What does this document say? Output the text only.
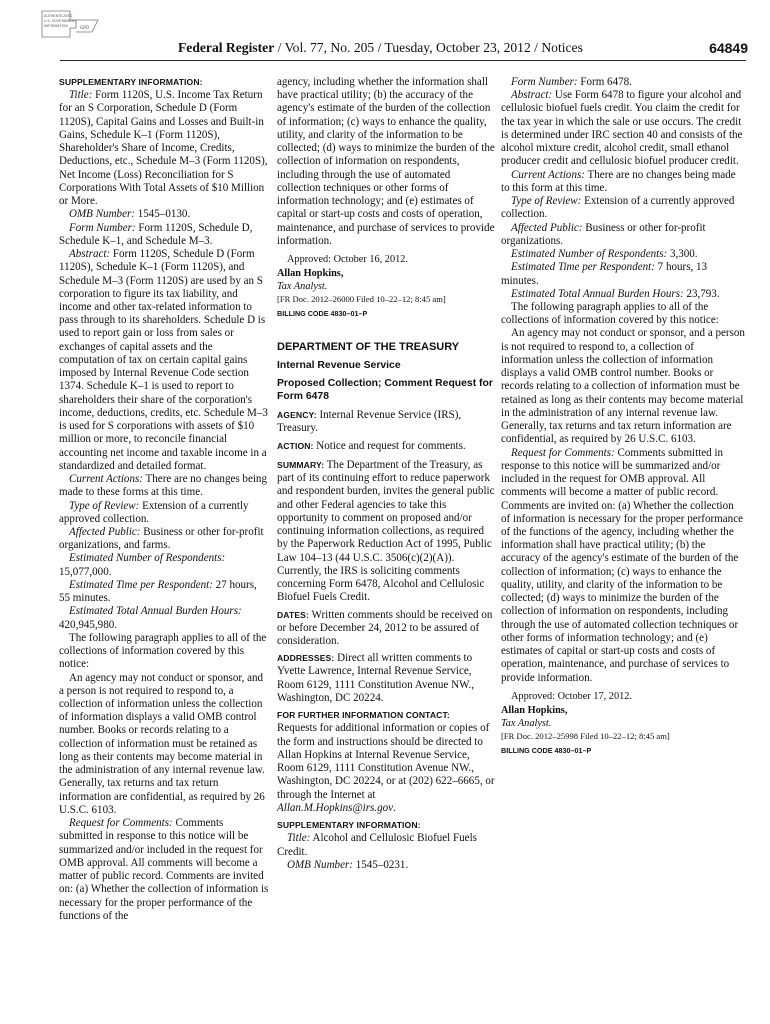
AUTHENTICATED
U.S. GOVERNMENT
INFORMATION	GPO
Federal Register / Vol. 77, No. 205 / Tuesday, October 23, 2012 / Notices	64849

SUPPLEMENTARY INFORMATION:

Title: Form 1120S, U.S. Income Tax Return for an S Corporation, Schedule D (Form 1120S), Capital Gains and Losses and Built-in Gains, Schedule K–1 (Form 1120S), Shareholder's Share of Income, Credits, Deductions, etc., Schedule M–3 (Form 1120S), Net Income (Loss) Reconciliation for S Corporations With Total Assets of $10 Million or More.

OMB Number: 1545–0130.

Form Number: Form 1120S, Schedule D, Schedule K–1, and Schedule M–3.

Abstract: Form 1120S, Schedule D (Form 1120S), Schedule K–1 (Form 1120S), and Schedule M–3 (Form 1120S) are used by an S corporation to figure its tax liability, and income and other tax-related information to pass through to its shareholders. Schedule D is used to report gain or loss from sales or exchanges of capital assets and the computation of tax on certain capital gains imposed by Internal Revenue Code section 1374. Schedule K–1 is used to report to shareholders their share of the corporation's income, deductions, credits, etc. Schedule M–3 is used for S corporations with assets of $10 million or more, to reconcile financial accounting net income and taxable income in a standardized and detailed format.

Current Actions: There are no changes being made to these forms at this time.

Type of Review: Extension of a currently approved collection.

Affected Public: Business or other for-profit organizations, and farms.

Estimated Number of Respondents: 15,077,000.

Estimated Time per Respondent: 27 hours, 55 minutes.

Estimated Total Annual Burden Hours: 420,945,980.

The following paragraph applies to all of the collections of information covered by this notice:

An agency may not conduct or sponsor, and a person is not required to respond to, a collection of information unless the collection of information displays a valid OMB control number. Books or records relating to a collection of information must be retained as long as their contents may become material in the administration of any internal revenue law. Generally, tax returns and tax return information are confidential, as required by 26 U.S.C. 6103.

Request for Comments: Comments submitted in response to this notice will be summarized and/or included in the request for OMB approval. All comments will become a matter of public record. Comments are invited on: (a) Whether the collection of information is necessary for the proper performance of the functions of the

agency, including whether the information shall have practical utility; (b) the accuracy of the agency's estimate of the burden of the collection of information; (c) ways to enhance the quality, utility, and clarity of the information to be collected; (d) ways to minimize the burden of the collection of information on respondents, including through the use of automated collection techniques or other forms of information technology; and (e) estimates of capital or start-up costs and costs of operation, maintenance, and purchase of services to provide information.

Approved: October 16, 2012.

Allan Hopkins,

Tax Analyst.

[FR Doc. 2012–26000 Filed 10–22–12; 8:45 am]

BILLING CODE 4830–01–P

DEPARTMENT OF THE TREASURY
Internal Revenue Service
Proposed Collection; Comment Request for Form 6478

AGENCY: Internal Revenue Service (IRS), Treasury.

ACTION: Notice and request for comments.

SUMMARY: The Department of the Treasury, as part of its continuing effort to reduce paperwork and respondent burden, invites the general public and other Federal agencies to take this opportunity to comment on proposed and/or continuing information collections, as required by the Paperwork Reduction Act of 1995, Public Law 104–13 (44 U.S.C. 3506(c)(2)(A)). Currently, the IRS is soliciting comments concerning Form 6478, Alcohol and Cellulosic Biofuel Fuels Credit.

DATES: Written comments should be received on or before December 24, 2012 to be assured of consideration.

ADDRESSES: Direct all written comments to Yvette Lawrence, Internal Revenue Service, Room 6129, 1111 Constitution Avenue NW., Washington, DC 20224.

FOR FURTHER INFORMATION CONTACT:

Requests for additional information or copies of the form and instructions should be directed to Allan Hopkins at Internal Revenue Service, Room 6129, 1111 Constitution Avenue NW., Washington, DC 20224, or at (202) 622–6665, or through the Internet at Allan.M.Hopkins@irs.gov.

SUPPLEMENTARY INFORMATION:

Title: Alcohol and Cellulosic Biofuel Fuels Credit.

OMB Number: 1545–0231.

Form Number: Form 6478.

Abstract: Use Form 6478 to figure your alcohol and cellulosic biofuel fuels credit. You claim the credit for the tax year in which the sale or use occurs. The credit is determined under IRC section 40 and consists of the alcohol mixture credit, alcohol credit, small ethanol producer credit and cellulosic biofuel producer credit.

Current Actions: There are no changes being made to this form at this time.

Type of Review: Extension of a currently approved collection.

Affected Public: Business or other for-profit organizations.

Estimated Number of Respondents: 3,300.

Estimated Time per Respondent: 7 hours, 13 minutes.

Estimated Total Annual Burden Hours: 23,793.

The following paragraph applies to all of the collections of information covered by this notice:

An agency may not conduct or sponsor, and a person is not required to respond to, a collection of information unless the collection of information displays a valid OMB control number. Books or records relating to a collection of information must be retained as long as their contents may become material in the administration of any internal revenue law. Generally, tax returns and tax return information are confidential, as required by 26 U.S.C. 6103.

Request for Comments: Comments submitted in response to this notice will be summarized and/or included in the request for OMB approval. All comments will become a matter of public record. Comments are invited on: (a) Whether the collection of information is necessary for the proper performance of the functions of the agency, including whether the information shall have practical utility; (b) the accuracy of the agency's estimate of the burden of the collection of information; (c) ways to enhance the quality, utility, and clarity of the information to be collected; (d) ways to minimize the burden of the collection of information on respondents, including through the use of automated collection techniques or other forms of information technology; and (e) estimates of capital or start-up costs and costs of operation, maintenance, and purchase of services to provide information.

Approved: October 17, 2012.

Allan Hopkins,

Tax Analyst.

[FR Doc. 2012–25998 Filed 10–22–12; 8:45 am]

BILLING CODE 4830–01–P
